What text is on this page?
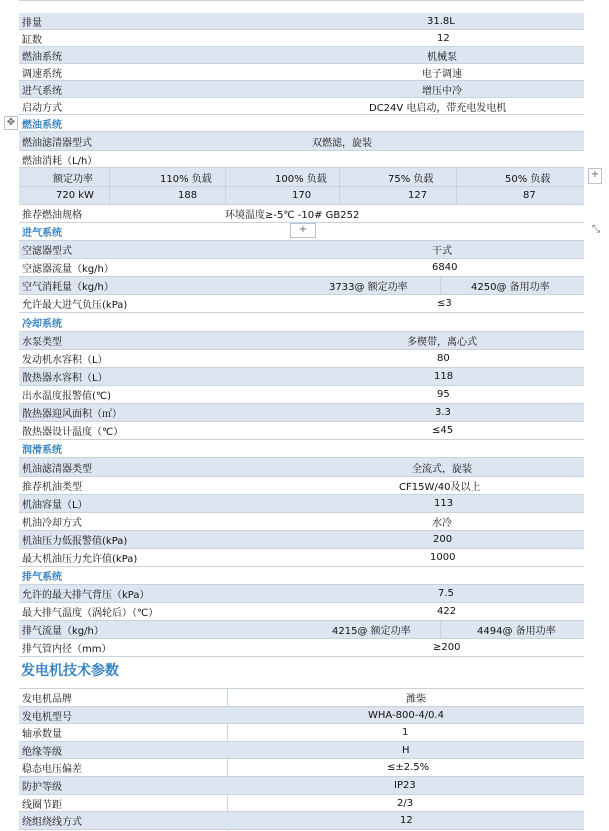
排量	31.8L
缸数	12
燃油系统	机械泵
调速系统	电子调速
进气系统	增压中冷
启动方式	DC24V 电启动，带充电发电机
✥ 燃油系统
燃油滤清器型式	双燃滤，旋装
燃油消耗（L/h）
额定功率	110% 负载	100% 负载	75% 负载	50% 负载
720 kW	188	170	127	87
+
推荐燃油规格	环境温度≥-5℃ -10# GB252
进气系统	+	⤡
空滤器型式	干式
空滤器流量（kg/h）	6840
空气消耗量（kg/h）	3733@ 额定功率	4250@ 备用功率
允许最大进气负压(kPa)	≤3
冷却系统
水泵类型	多楔带，离心式
发动机水容积（L）	80
散热器水容积（L）	118
出水温度报警值(℃)	95
散热器迎风面积（㎡）	3.3
散热器设计温度（℃）	≤45
润滑系统
机油滤清器类型	全流式，旋装
推荐机油类型	CF15W/40及以上
机油容量（L）	113
机油冷却方式	水冷
机油压力低报警值(kPa)	200
最大机油压力允许值(kPa)	1000
排气系统
允许的最大排气背压（kPa）	7.5
最大排气温度（涡轮后）（℃）	422
排气流量（kg/h）	4215@ 额定功率	4494@ 备用功率
排气管内径（mm）	≥200
发电机技术参数
发电机品牌	潍柴
发电机型号	WHA-800-4/0.4
轴承数量	1
绝缘等级	H
稳态电压偏差	≤±2.5%
防护等级	IP23
线圈节距	2/3
绕组绕线方式	12
